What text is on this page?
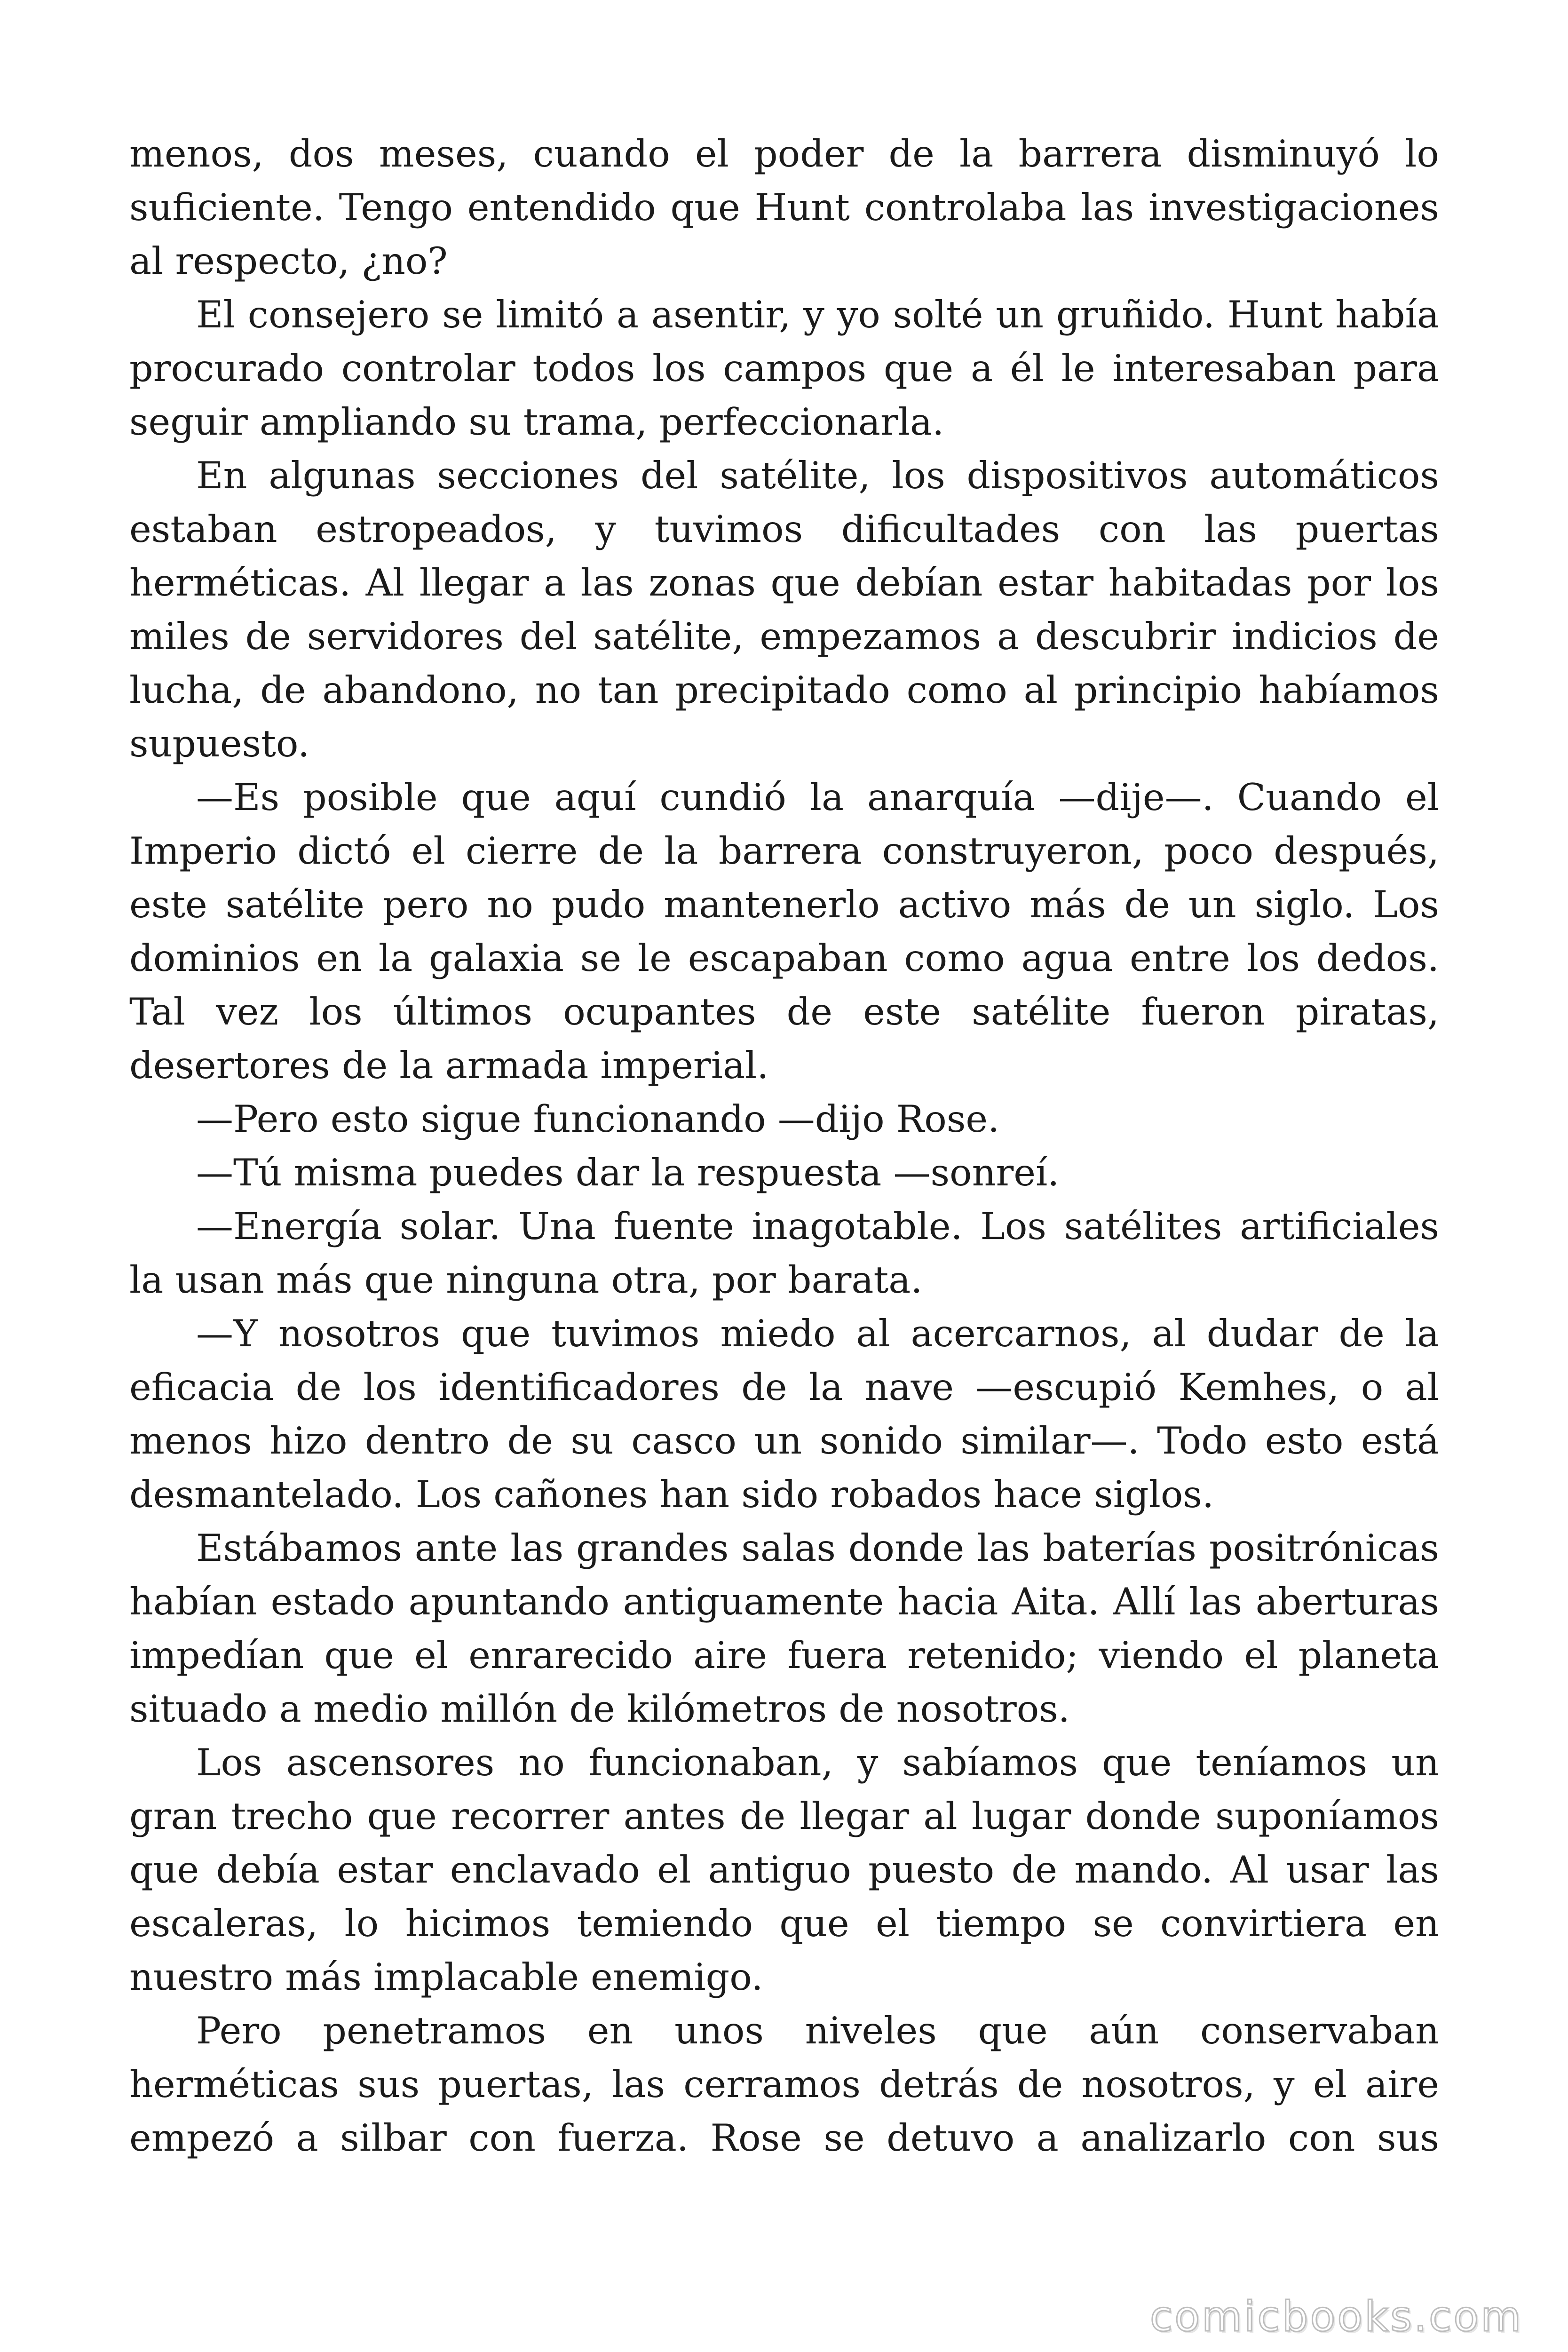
menos, dos meses, cuando el poder de la barrera disminuyó lo suficiente. Tengo entendido que Hunt controlaba las investigaciones al respecto, ¿no?

El consejero se limitó a asentir, y yo solté un gruñido. Hunt había procurado controlar todos los campos que a él le interesaban para seguir ampliando su trama, perfeccionarla.

En algunas secciones del satélite, los dispositivos automáticos estaban estropeados, y tuvimos dificultades con las puertas herméticas. Al llegar a las zonas que debían estar habitadas por los miles de servidores del satélite, empezamos a descubrir indicios de lucha, de abandono, no tan precipitado como al principio habíamos supuesto.

—Es posible que aquí cundió la anarquía —dije—. Cuando el Imperio dictó el cierre de la barrera construyeron, poco después, este satélite pero no pudo mantenerlo activo más de un siglo. Los dominios en la galaxia se le escapaban como agua entre los dedos. Tal vez los últimos ocupantes de este satélite fueron piratas, desertores de la armada imperial.

—Pero esto sigue funcionando —dijo Rose.

—Tú misma puedes dar la respuesta —sonreí.

—Energía solar. Una fuente inagotable. Los satélites artificiales la usan más que ninguna otra, por barata.

—Y nosotros que tuvimos miedo al acercarnos, al dudar de la eficacia de los identificadores de la nave —escupió Kemhes, o al menos hizo dentro de su casco un sonido similar—. Todo esto está desmantelado. Los cañones han sido robados hace siglos.

Estábamos ante las grandes salas donde las baterías positrónicas habían estado apuntando antiguamente hacia Aita. Allí las aberturas impedían que el enrarecido aire fuera retenido; viendo el planeta situado a medio millón de kilómetros de nosotros.

Los ascensores no funcionaban, y sabíamos que teníamos un gran trecho que recorrer antes de llegar al lugar donde suponíamos que debía estar enclavado el antiguo puesto de mando. Al usar las escaleras, lo hicimos temiendo que el tiempo se convirtiera en nuestro más implacable enemigo.

Pero penetramos en unos niveles que aún conservaban herméticas sus puertas, las cerramos detrás de nosotros, y el aire empezó a silbar con fuerza. Rose se detuvo a analizarlo con sus

comicbooks.com
